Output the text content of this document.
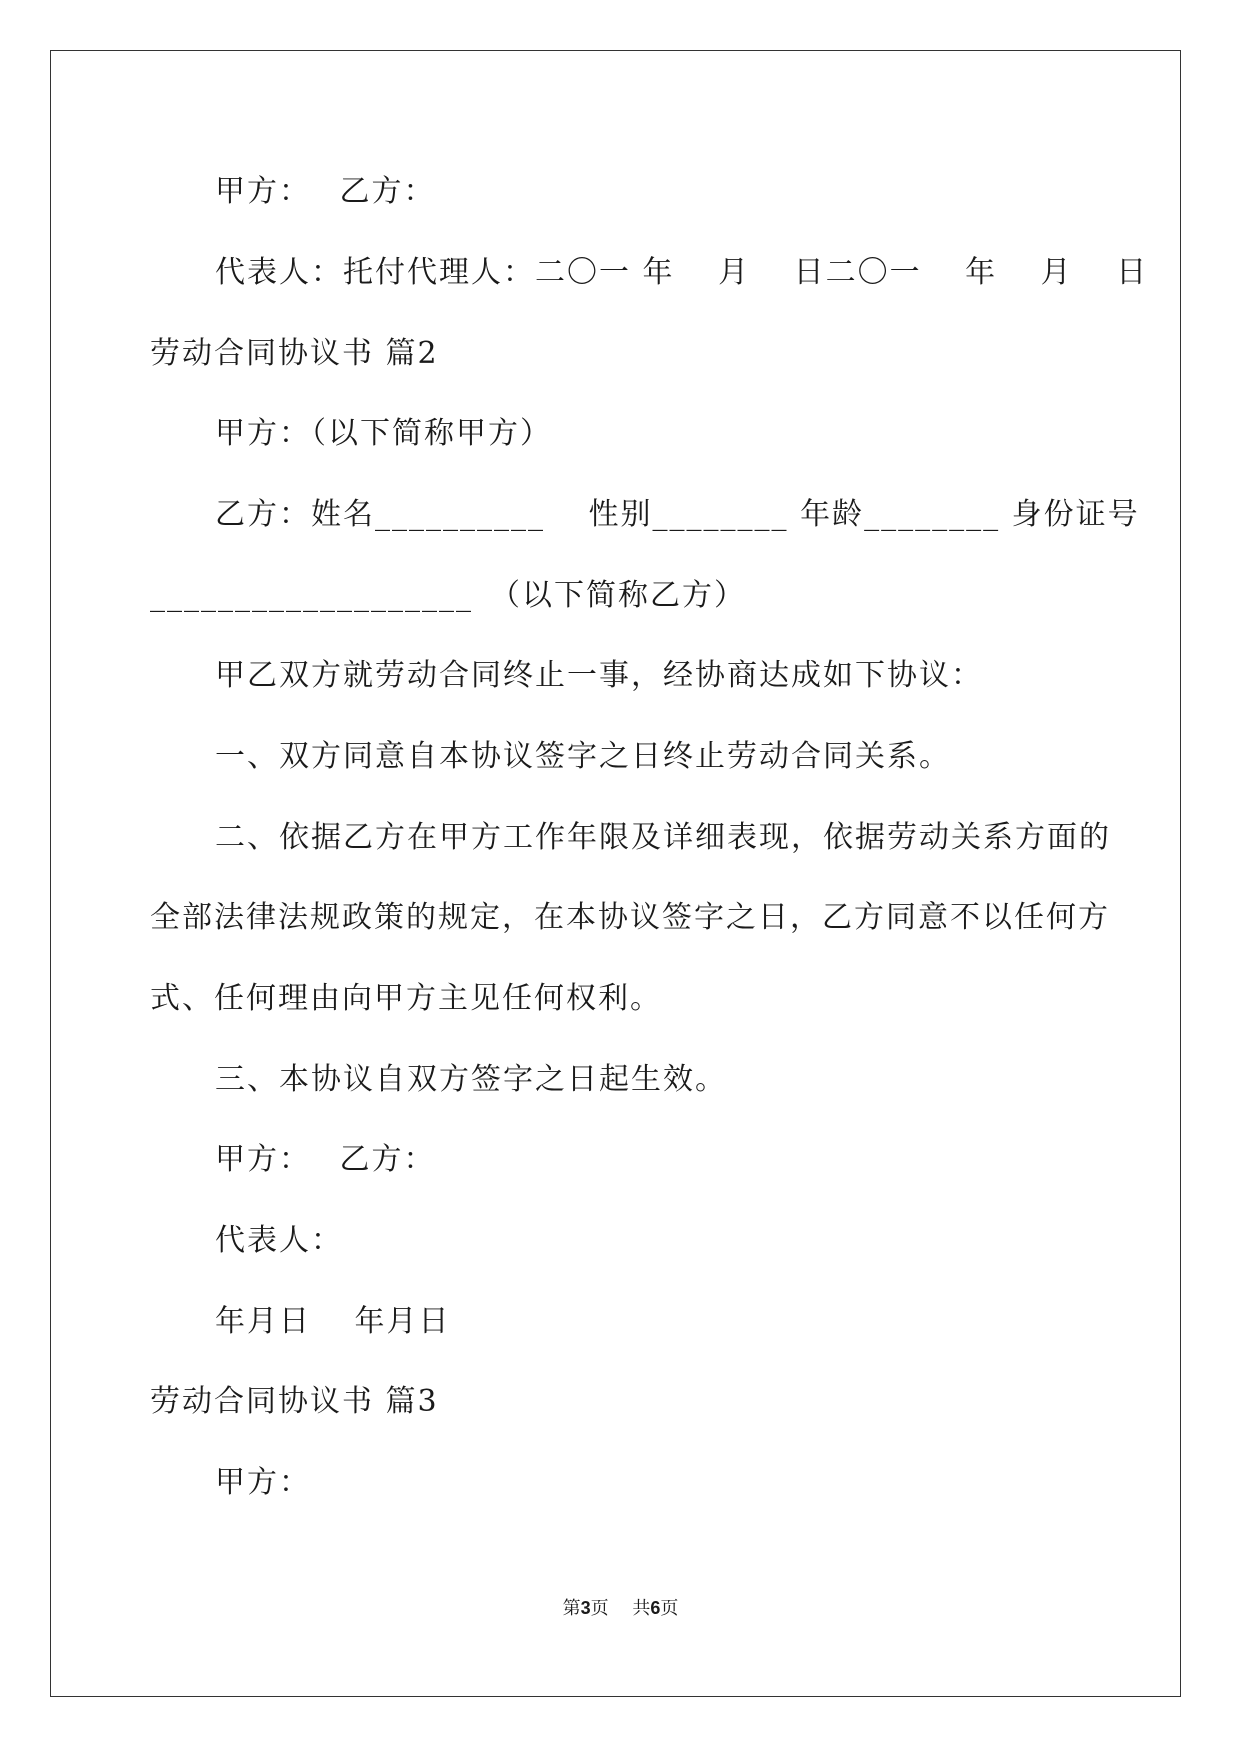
甲方：　 乙方：
代表人：托付代理人：二〇一 年　 月　 日二〇一　 年　 月　 日
劳动合同协议书 篇2
甲方：（以下简称甲方）
乙方：姓名__________　 性别________ 年龄________ 身份证号
___________________　（以下简称乙方）
甲乙双方就劳动合同终止一事，经协商达成如下协议：
一、双方同意自本协议签字之日终止劳动合同关系。
二、依据乙方在甲方工作年限及详细表现，依据劳动关系方面的
全部法律法规政策的规定，在本协议签字之日，乙方同意不以任何方
式、任何理由向甲方主见任何权利。
三、本协议自双方签字之日起生效。
甲方：　 乙方：
代表人：
年月日　 年月日
劳动合同协议书 篇3
甲方：
第3页　 共6页
